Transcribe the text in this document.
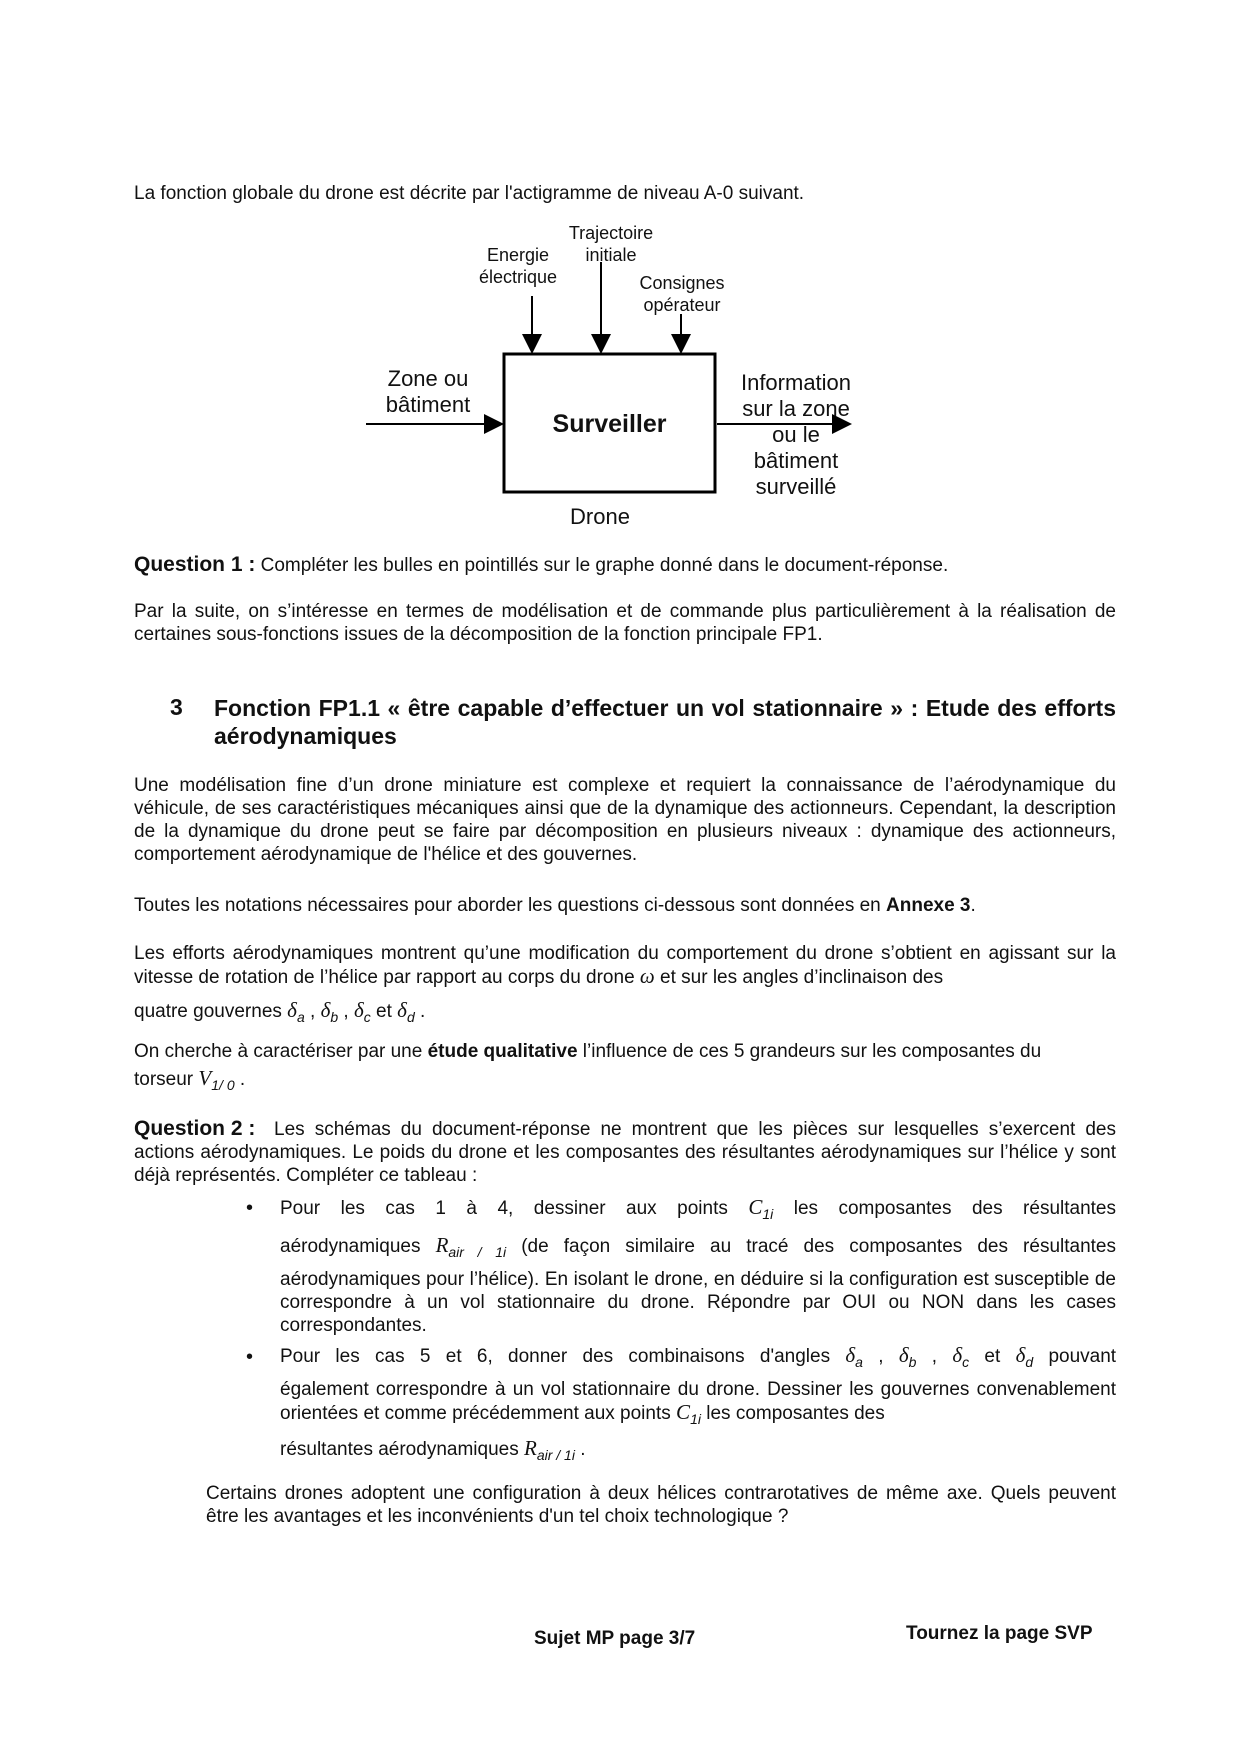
La fonction globale du drone est décrite par l'actigramme de niveau A-0 suivant.
Energie
électrique
Trajectoire
initiale
Consignes
opérateur
Zone ou
bâtiment
Surveiller
Information
sur la zone
ou le
bâtiment
surveillé
Drone
Question 1 : Compléter les bulles en pointillés sur le graphe donné dans le document-réponse.
Par la suite, on s’intéresse en termes de modélisation et de commande plus particulièrement à la réalisation de certaines sous-fonctions issues de la décomposition de la fonction principale FP1.
3 Fonction FP1.1 « être capable d’effectuer un vol stationnaire » : Etude des efforts aérodynamiques
Une modélisation fine d’un drone miniature est complexe et requiert la connaissance de l’aérodynamique du véhicule, de ses caractéristiques mécaniques ainsi que de la dynamique des actionneurs. Cependant, la description de la dynamique du drone peut se faire par décomposition en plusieurs niveaux : dynamique des actionneurs, comportement aérodynamique de l'hélice et des gouvernes.
Toutes les notations nécessaires pour aborder les questions ci-dessous sont données en Annexe 3.
Les efforts aérodynamiques montrent qu’une modification du comportement du drone s’obtient en agissant sur la vitesse de rotation de l’hélice par rapport au corps du drone ω et sur les angles d’inclinaison des
quatre gouvernes $\delta_a$ , $\delta_b$ , $\delta_c$ et $\delta_d$ .
On cherche à caractériser par une étude qualitative l’influence de ces 5 grandeurs sur les composantes du
torseur $V_{1/ 0}$ .
Question 2 : Les schémas du document-réponse ne montrent que les pièces sur lesquelles s’exercent des actions aérodynamiques. Le poids du drone et les composantes des résultantes aérodynamiques sur l’hélice y sont déjà représentés. Compléter ce tableau :
• Pour les cas 1 à 4, dessiner aux points $C_{1i}$ les composantes des résultantes
aérodynamiques $R_{air / 1i}$ (de façon similaire au tracé des composantes des résultantes
aérodynamiques pour l’hélice). En isolant le drone, en déduire si la configuration est susceptible de correspondre à un vol stationnaire du drone. Répondre par OUI ou NON dans les cases correspondantes.
• Pour les cas 5 et 6, donner des combinaisons d'angles $\delta_a$ , $\delta_b$ , $\delta_c$ et $\delta_d$ pouvant
également correspondre à un vol stationnaire du drone. Dessiner les gouvernes convenablement orientées et comme précédemment aux points $C_{1i}$ les composantes des
résultantes aérodynamiques $R_{air / 1i}$ .
Certains drones adoptent une configuration à deux hélices contrarotatives de même axe. Quels peuvent être les avantages et les inconvénients d'un tel choix technologique ?
Sujet MP page 3/7	Tournez la page SVP
